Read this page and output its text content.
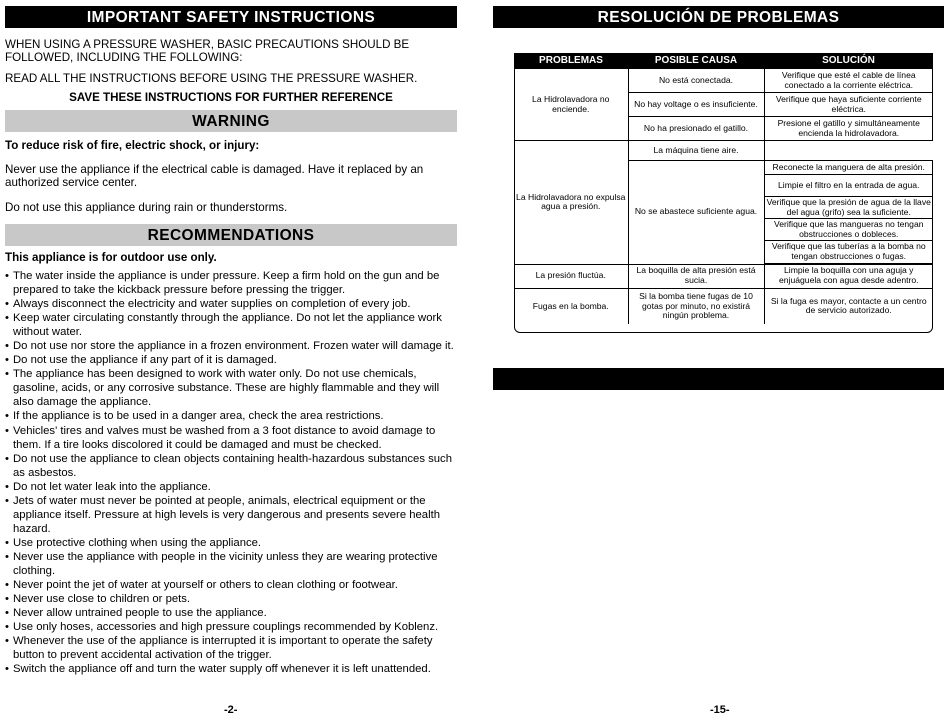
IMPORTANT SAFETY INSTRUCTIONS

WHEN USING A PRESSURE WASHER, BASIC PRECAUTIONS SHOULD BE FOLLOWED, INCLUDING THE FOLLOWING:

READ ALL THE INSTRUCTIONS BEFORE USING THE PRESSURE WASHER.

SAVE THESE INSTRUCTIONS FOR FURTHER REFERENCE

WARNING

To reduce risk of fire, electric shock, or injury:

Never use the appliance if the electrical cable is damaged. Have it replaced by an authorized service center.

Do not use this appliance during rain or thunderstorms.

RECOMMENDATIONS

This appliance is for outdoor use only.

• The water inside the appliance is under pressure. Keep a firm hold on the gun and be prepared to take the kickback pressure before pressing the trigger.
• Always disconnect the electricity and water supplies on completion of every job.
• Keep water circulating constantly through the appliance. Do not let the appliance work without water.
• Do not use nor store the appliance in a frozen environment. Frozen water will damage it.
• Do not use the appliance if any part of it is damaged.
• The appliance has been designed to work with water only. Do not use chemicals, gasoline, acids, or any corrosive substance. These are highly flammable and they will also damage the appliance.
• If the appliance is to be used in a danger area, check the area restrictions.
• Vehicles' tires and valves must be washed from a 3 foot distance to avoid damage to them. If a tire looks discolored it could be damaged and must be checked.
• Do not use the appliance to clean objects containing health-hazardous substances such as asbestos.
• Do not let water leak into the appliance.
• Jets of water must never be pointed at people, animals, electrical equipment or the appliance itself. Pressure at high levels is very dangerous and presents severe health hazard.
• Use protective clothing when using the appliance.
• Never use the appliance with people in the vicinity unless they are wearing protective clothing.
• Never point the jet of water at yourself or others to clean clothing or footwear.
• Never use close to children or pets.
• Never allow untrained people to use the appliance.
• Use only hoses, accessories and high pressure couplings recommended by Koblenz.
• Whenever the use of the appliance is interrupted it is important to operate the safety button to prevent accidental activation of the trigger.
• Switch the appliance off and turn the water supply off whenever it is left unattended.
-2-
RESOLUCIÓN DE PROBLEMAS
PROBLEMAS	POSIBLE CAUSA	SOLUCIÓN
La Hidrolavadora no enciende.	No está conectada.	Verifique que esté el cable de línea conectado a la corriente eléctrica.
	No hay voltage o es insuficiente.	Verifique que haya suficiente corriente eléctrica.
	No ha presionado el gatillo.	Presione el gatillo y simultáneamente encienda la hidrolavadora.
La Hidrolavadora no expulsa agua a presión.	La máquina tiene aire.	
	No se abastece suficiente agua.	Reconecte la manguera de alta presión.
		Limpie el filtro en la entrada de agua.
		Verifique que la presión de agua de la llave del agua (grifo) sea la suficiente.
		Verifique que las mangueras no tengan obstrucciones o dobleces.
		Verifique que las tuberías a la bomba no tengan obstrucciones o fugas.

La presión fluctúa.	La boquilla de alta presión está sucia.	Limpie la boquilla con una aguja y enjuáguela con agua desde adentro.
Fugas en la bomba.	Si la bomba tiene fugas de 10 gotas por minuto, no existirá ningún problema.	Si la fuga es mayor, contacte a un centro de servicio autorizado.
-15-
